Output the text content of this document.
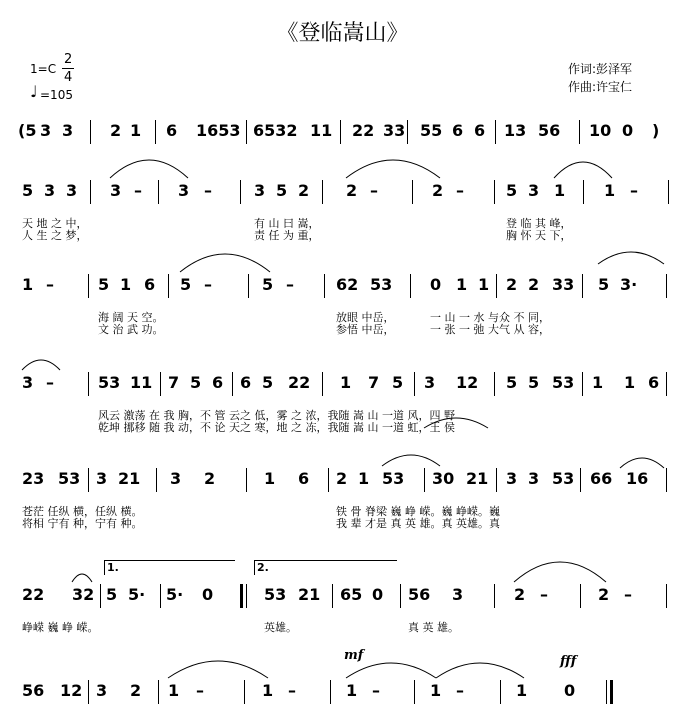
《登临嵩山》
1=C
2
4
♩ =105
作词:彭泽军
作曲:许宝仁
(5 3 3 2 1 6 1653 6532 11 22 33 55 6 6 13 56 10 0 )
5 3 3 3 – 3 –	3 5 2 2 –	2 –	5 3 1 1 –
天 地 之 中，
人 生 之 梦，
有 山 曰 嵩，
责 任 为 重，
登 临 其 峰，
胸 怀 天 下，
1 –	5 1 6 5 –	5 –	62 53 0 1 1 2 2 33 5 3·
海 阔 天 空。
文 治 武 功。
放眼 中岳，
参悟 中岳，
一 山 一 水 与众 不 同，
一 张 一 弛 大气 从 容，
3 –	53 11 7 5 6 6 5 22 1 7 5 3 12 5 5 53 1 1 6
风云 激荡 在 我 胸，不 管 云之 低，雾 之 浓，我随 嵩 山 一道 风，四 野
乾坤 挪移 随 我 动，不 论 天之 寒，地 之 冻，我随 嵩 山 一道 虹，王 侯
23 53 3 21 3 2	1 6 2 1 53 30 21 3 3 53 66 16
苍茫 任纵 横，任纵 横。
将相 宁有 种，宁有 种。
铁 骨 脊梁 巍 峥 嵘。巍 峥嵘。巍
我 辈 才是 真 英 雄。真 英雄。真
22 32 5 5· 5· 0	53 21 65 0 56 3	2 –	2 –
峥嵘 巍 峥 嵘。	英雄。	真 英 雄。
56 12 3 2 1 –	1 –	1 –	1 –	1 0
1.	2.
mf	fff
